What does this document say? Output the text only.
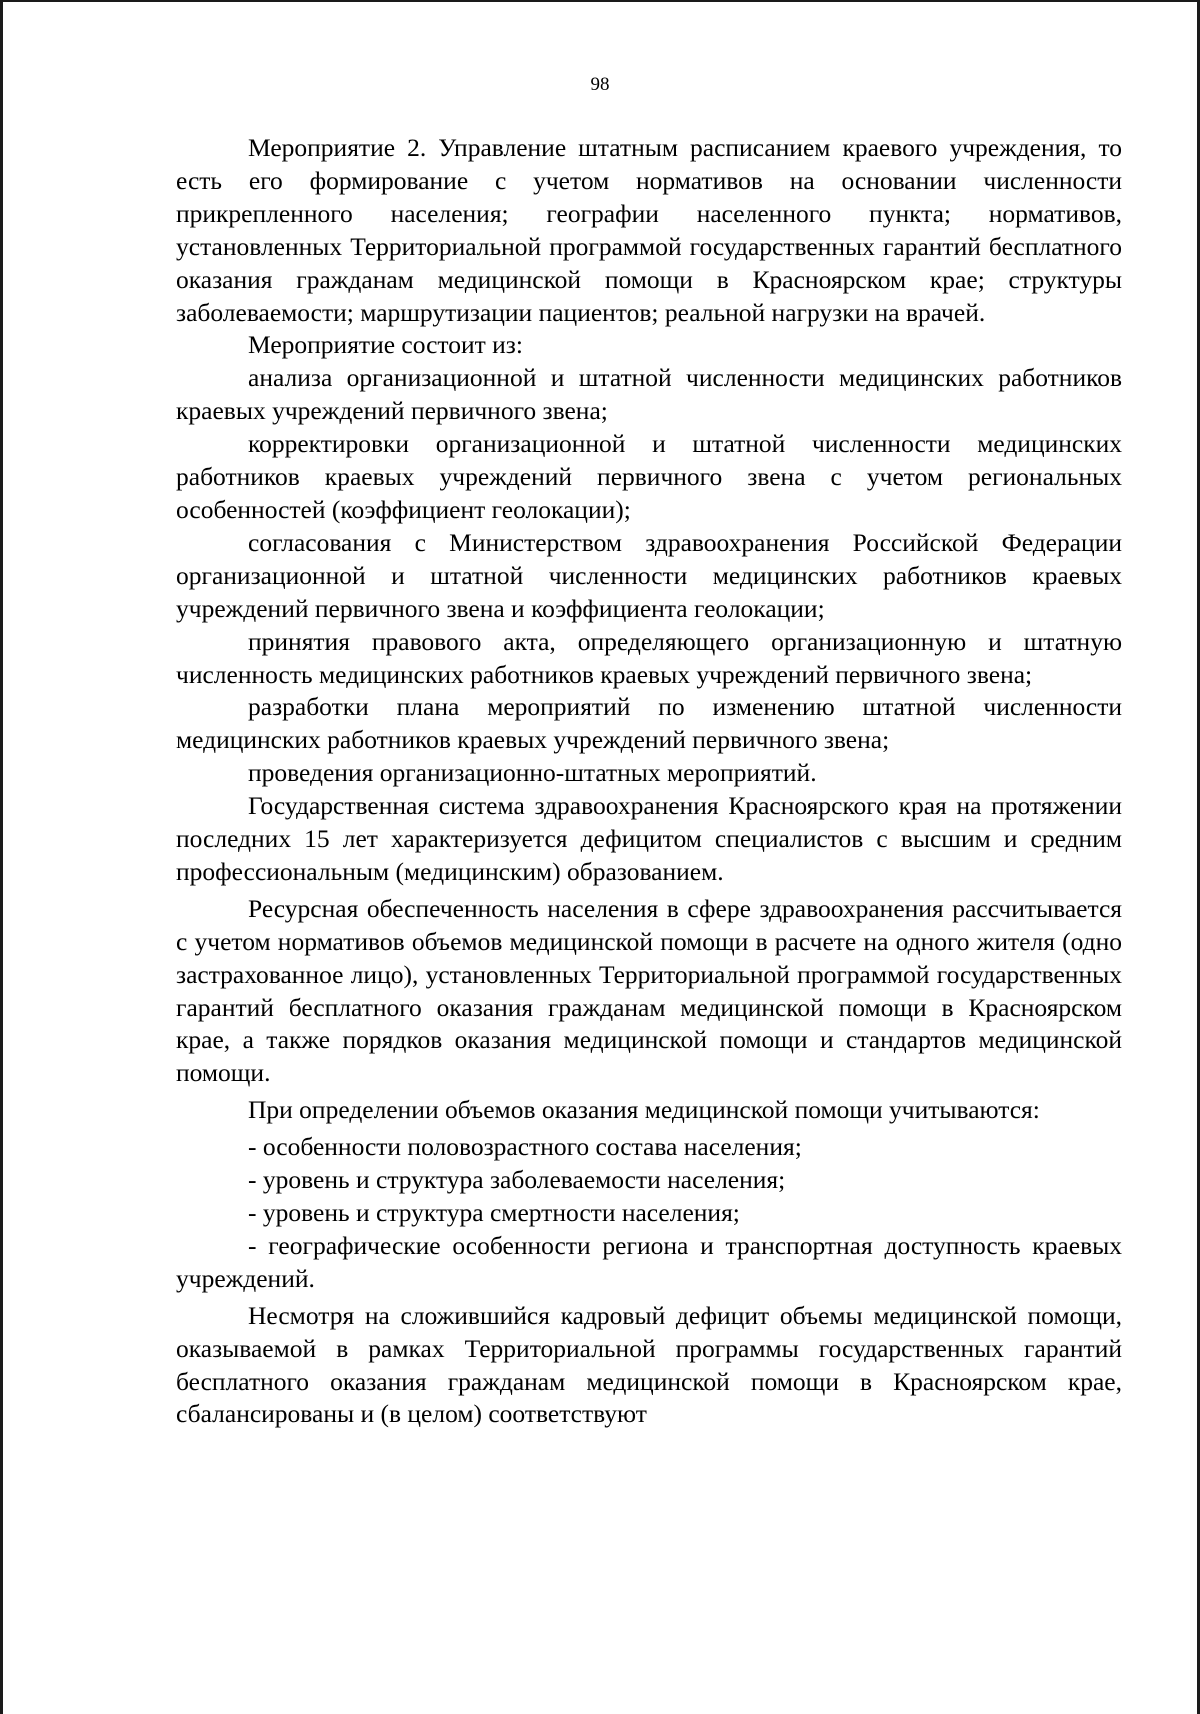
98

Мероприятие 2. Управление штатным расписанием краевого учреждения, то есть его формирование с учетом нормативов на основании численности прикрепленного населения; географии населенного пункта; нормативов, установленных Территориальной программой государственных гарантий бесплатного оказания гражданам медицинской помощи в Красноярском крае; структуры заболеваемости; маршрутизации пациентов; реальной нагрузки на врачей.

Мероприятие состоит из:

анализа организационной и штатной численности медицинских работников краевых учреждений первичного звена;

корректировки организационной и штатной численности медицинских работников краевых учреждений первичного звена с учетом региональных особенностей (коэффициент геолокации);

согласования с Министерством здравоохранения Российской Федерации организационной и штатной численности медицинских работников краевых учреждений первичного звена и коэффициента геолокации;

принятия правового акта, определяющего организационную и штатную численность медицинских работников краевых учреждений первичного звена;

разработки плана мероприятий по изменению штатной численности медицинских работников краевых учреждений первичного звена;

проведения организационно-штатных мероприятий.

Государственная система здравоохранения Красноярского края на протяжении последних 15 лет характеризуется дефицитом специалистов с высшим и средним профессиональным (медицинским) образованием.

Ресурсная обеспеченность населения в сфере здравоохранения рассчитывается с учетом нормативов объемов медицинской помощи в расчете на одного жителя (одно застрахованное лицо), установленных Территориальной программой государственных гарантий бесплатного оказания гражданам медицинской помощи в Красноярском крае, а также порядков оказания медицинской помощи и стандартов медицинской помощи.

При определении объемов оказания медицинской помощи учитываются:

- особенности половозрастного состава населения;

- уровень и структура заболеваемости населения;

- уровень и структура смертности населения;

- географические особенности региона и транспортная доступность краевых учреждений.

Несмотря на сложившийся кадровый дефицит объемы медицинской помощи, оказываемой в рамках Территориальной программы государственных гарантий бесплатного оказания гражданам медицинской помощи в Красноярском крае, сбалансированы и (в целом) соответствуют
